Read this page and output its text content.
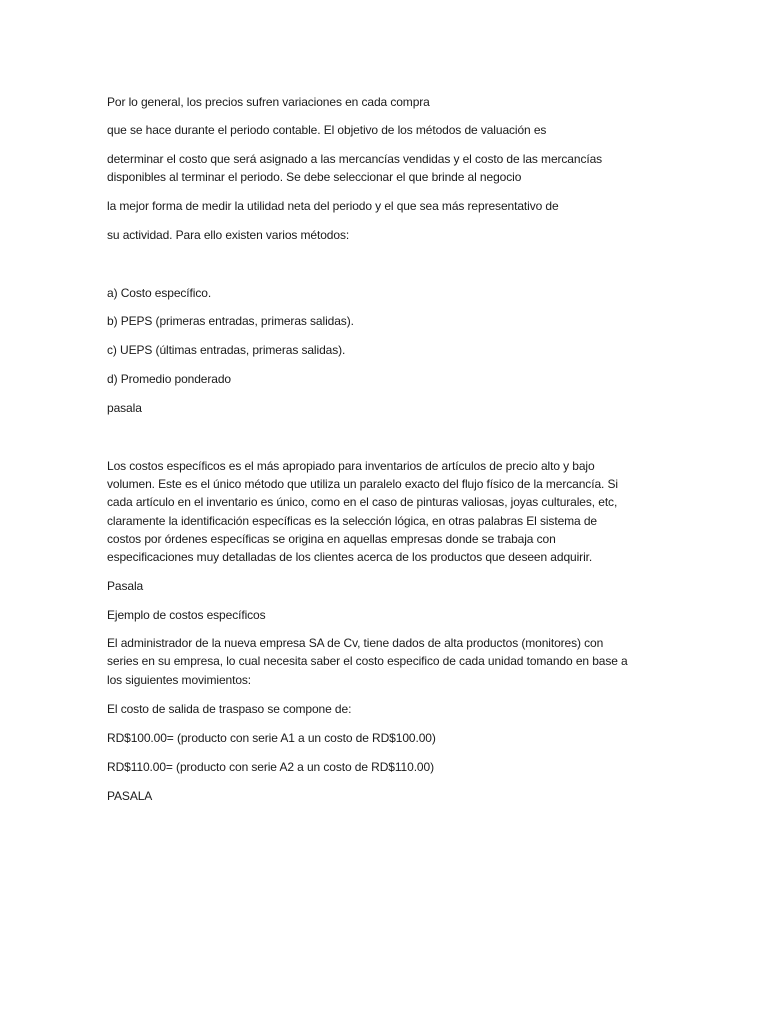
Por lo general, los precios sufren variaciones en cada compra
que se hace durante el periodo contable. El objetivo de los métodos de valuación es
determinar el costo que será asignado a las mercancías vendidas y el costo de las mercancías
disponibles al terminar el periodo. Se debe seleccionar el que brinde al negocio
la mejor forma de medir la utilidad neta del periodo y el que sea más representativo de
su actividad. Para ello existen varios métodos:
a) Costo específico.
b) PEPS (primeras entradas, primeras salidas).
c) UEPS (últimas entradas, primeras salidas).
d) Promedio ponderado
pasala
Los costos específicos es el más apropiado para inventarios de artículos de precio alto y bajo
volumen. Este es el único método que utiliza un paralelo exacto del flujo físico de la mercancía. Si
cada artículo en el inventario es único, como en el caso de pinturas valiosas, joyas culturales, etc,
claramente la identificación específicas es la selección lógica, en otras palabras El sistema de
costos por órdenes específicas se origina en aquellas empresas donde se trabaja con
especificaciones muy detalladas de los clientes acerca de los productos que deseen adquirir.
Pasala
Ejemplo de costos específicos
El administrador de la nueva empresa SA de Cv, tiene dados de alta productos (monitores) con
series en su empresa, lo cual necesita saber el costo especifico de cada unidad tomando en base a
los siguientes movimientos:
El costo de salida de traspaso se compone de:
RD$100.00= (producto con serie A1 a un costo de RD$100.00)
RD$110.00= (producto con serie A2 a un costo de RD$110.00)
PASALA
